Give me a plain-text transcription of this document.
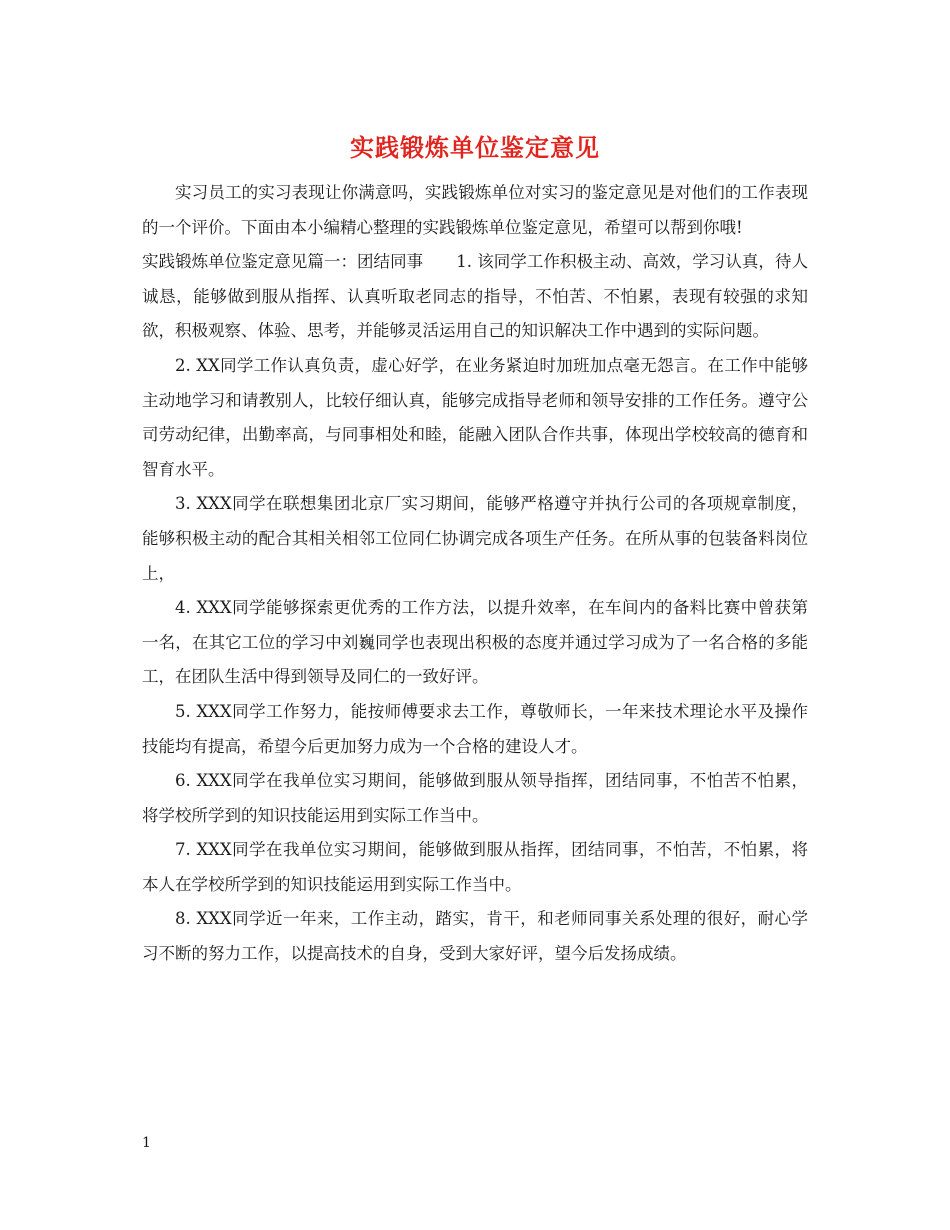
实践锻炼单位鉴定意见

实习员工的实习表现让你满意吗，实践锻炼单位对实习的鉴定意见是对他们的工作表现的一个评价。下面由本小编精心整理的实践锻炼单位鉴定意见，希望可以帮到你哦!

实践锻炼单位鉴定意见篇一：团结同事　　1. 该同学工作积极主动、高效，学习认真，待人诚恳，能够做到服从指挥、认真听取老同志的指导，不怕苦、不怕累，表现有较强的求知欲，积极观察、体验、思考，并能够灵活运用自己的知识解决工作中遇到的实际问题。

2. XX同学工作认真负责，虚心好学，在业务紧迫时加班加点毫无怨言。在工作中能够主动地学习和请教别人，比较仔细认真，能够完成指导老师和领导安排的工作任务。遵守公司劳动纪律，出勤率高，与同事相处和睦，能融入团队合作共事，体现出学校较高的德育和智育水平。

3. XXX同学在联想集团北京厂实习期间，能够严格遵守并执行公司的各项规章制度，能够积极主动的配合其相关相邻工位同仁协调完成各项生产任务。在所从事的包装备料岗位上，

4. XXX同学能够探索更优秀的工作方法，以提升效率，在车间内的备料比赛中曾获第一名，在其它工位的学习中刘巍同学也表现出积极的态度并通过学习成为了一名合格的多能工，在团队生活中得到领导及同仁的一致好评。

5. XXX同学工作努力，能按师傅要求去工作，尊敬师长，一年来技术理论水平及操作技能均有提高，希望今后更加努力成为一个合格的建设人才。

6. XXX同学在我单位实习期间，能够做到服从领导指挥，团结同事，不怕苦不怕累，将学校所学到的知识技能运用到实际工作当中。

7. XXX同学在我单位实习期间，能够做到服从指挥，团结同事，不怕苦，不怕累，将本人在学校所学到的知识技能运用到实际工作当中。

8. XXX同学近一年来，工作主动，踏实，肯干，和老师同事关系处理的很好，耐心学习不断的努力工作，以提高技术的自身，受到大家好评，望今后发扬成绩。

1
